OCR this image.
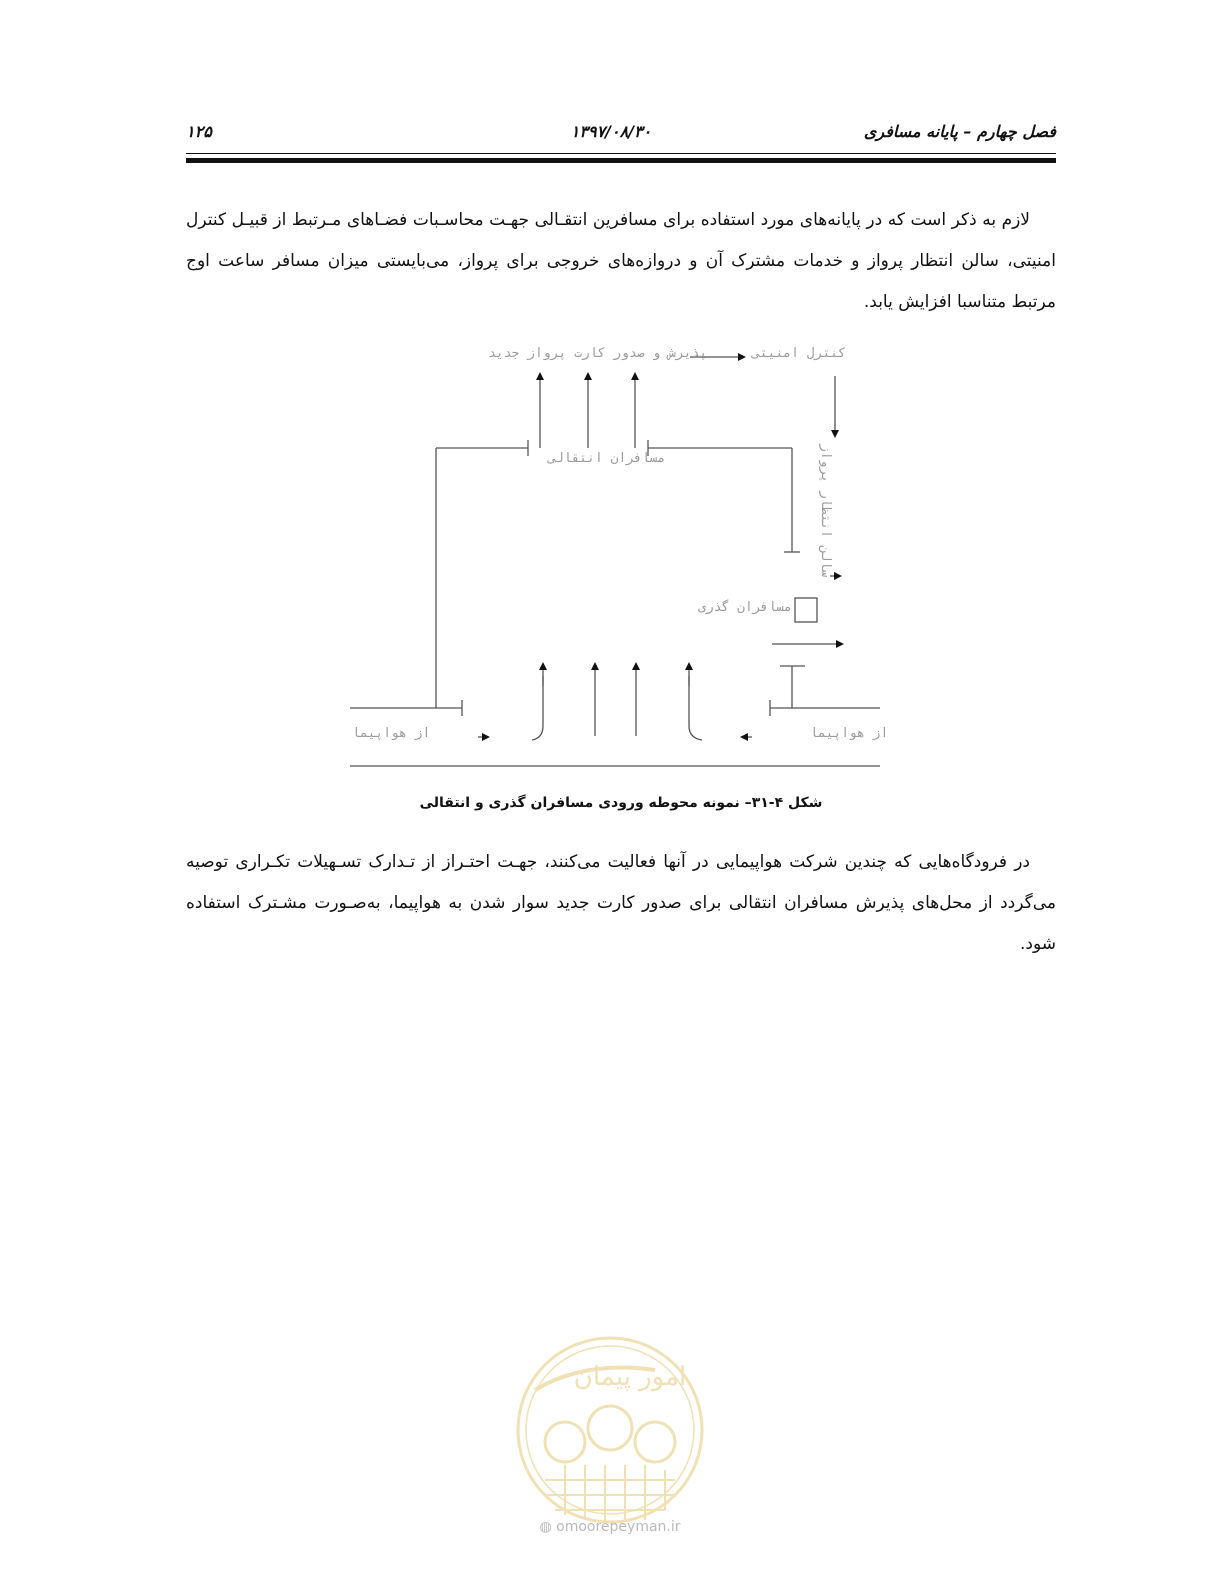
فصل چهارم – پایانه مسافری
۱۳۹۷/۰۸/۳۰
۱۲۵
لازم به ذکر است که در پایانه‌های مورد استفاده برای مسافرین انتقـالی جهـت محاسـبات فضـاهای مـرتبط از قبیـل کنترل امنیتی، سالن انتظار پرواز و خدمات مشترک آن و دروازه‌های خروجی برای پرواز، می‌بایستی میزان مسافر ساعت اوج مرتبط متناسبا افزایش یابد.
پذیرش و صدور کارت پرواز جدید	کنترل امنیتی
مسافران انتقالی	سالن انتظار پرواز
مسافران گذری
از هواپیما	از هواپیما
شکل ۴-۳۱– نمونه محوطه ورودی مسافران گذری و انتقالی
در فرودگاه‌هایی که چندین شرکت هواپیمایی در آنها فعالیت می‌کنند، جهـت احتـراز از تـدارک تسـهیلات تکـراری توصیه می‌گردد از محل‌های پذیرش مسافران انتقالی برای صدور کارت جدید سوار شدن به هواپیما، به‌صـورت مشـترک استفاده شود.
امور پیمان
◍ omoorepeyman.ir
